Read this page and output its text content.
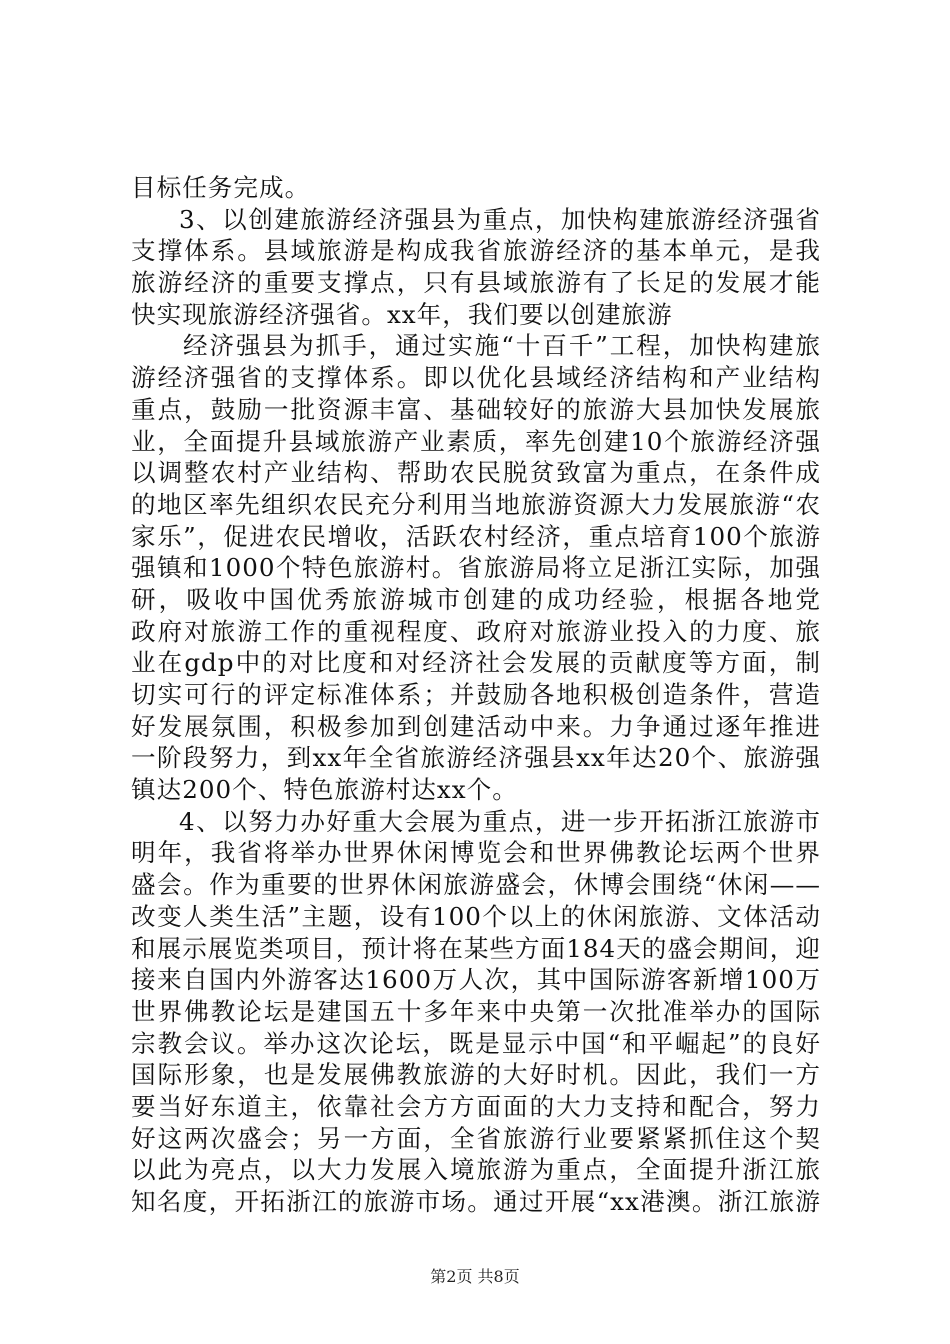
目标任务完成。
3、以创建旅游经济强县为重点，加快构建旅游经济强省
支撑体系。县域旅游是构成我省旅游经济的基本单元，是我
旅游经济的重要支撑点，只有县域旅游有了长足的发展才能
快实现旅游经济强省。xx年，我们要以创建旅游
经济强县为抓手，通过实施“十百千”工程，加快构建旅
游经济强省的支撑体系。即以优化县域经济结构和产业结构
重点，鼓励一批资源丰富、基础较好的旅游大县加快发展旅
业，全面提升县域旅游产业素质，率先创建10个旅游经济强
以调整农村产业结构、帮助农民脱贫致富为重点，在条件成
的地区率先组织农民充分利用当地旅游资源大力发展旅游“农
家乐”，促进农民增收，活跃农村经济，重点培育100个旅游
强镇和1000个特色旅游村。省旅游局将立足浙江实际，加强
研，吸收中国优秀旅游城市创建的成功经验，根据各地党
政府对旅游工作的重视程度、政府对旅游业投入的力度、旅
业在gdp中的对比度和对经济社会发展的贡献度等方面，制
切实可行的评定标准体系；并鼓励各地积极创造条件，营造
好发展氛围，积极参加到创建活动中来。力争通过逐年推进
一阶段努力，到xx年全省旅游经济强县xx年达20个、旅游强
镇达200个、特色旅游村达xx个。
4、以努力办好重大会展为重点，进一步开拓浙江旅游市
明年，我省将举办世界休闲博览会和世界佛教论坛两个世界
盛会。作为重要的世界休闲旅游盛会，休博会围绕“休闲——
改变人类生活”主题，设有100个以上的休闲旅游、文体活动
和展示展览类项目，预计将在某些方面184天的盛会期间，迎
接来自国内外游客达1600万人次，其中国际游客新增100万
世界佛教论坛是建国五十多年来中央第一次批准举办的国际
宗教会议。举办这次论坛，既是显示中国“和平崛起”的良好
国际形象，也是发展佛教旅游的大好时机。因此，我们一方
要当好东道主，依靠社会方方面面的大力支持和配合，努力
好这两次盛会；另一方面，全省旅游行业要紧紧抓住这个契
以此为亮点，以大力发展入境旅游为重点，全面提升浙江旅
知名度，开拓浙江的旅游市场。通过开展“xx港澳。浙江旅游
第2页 共8页
